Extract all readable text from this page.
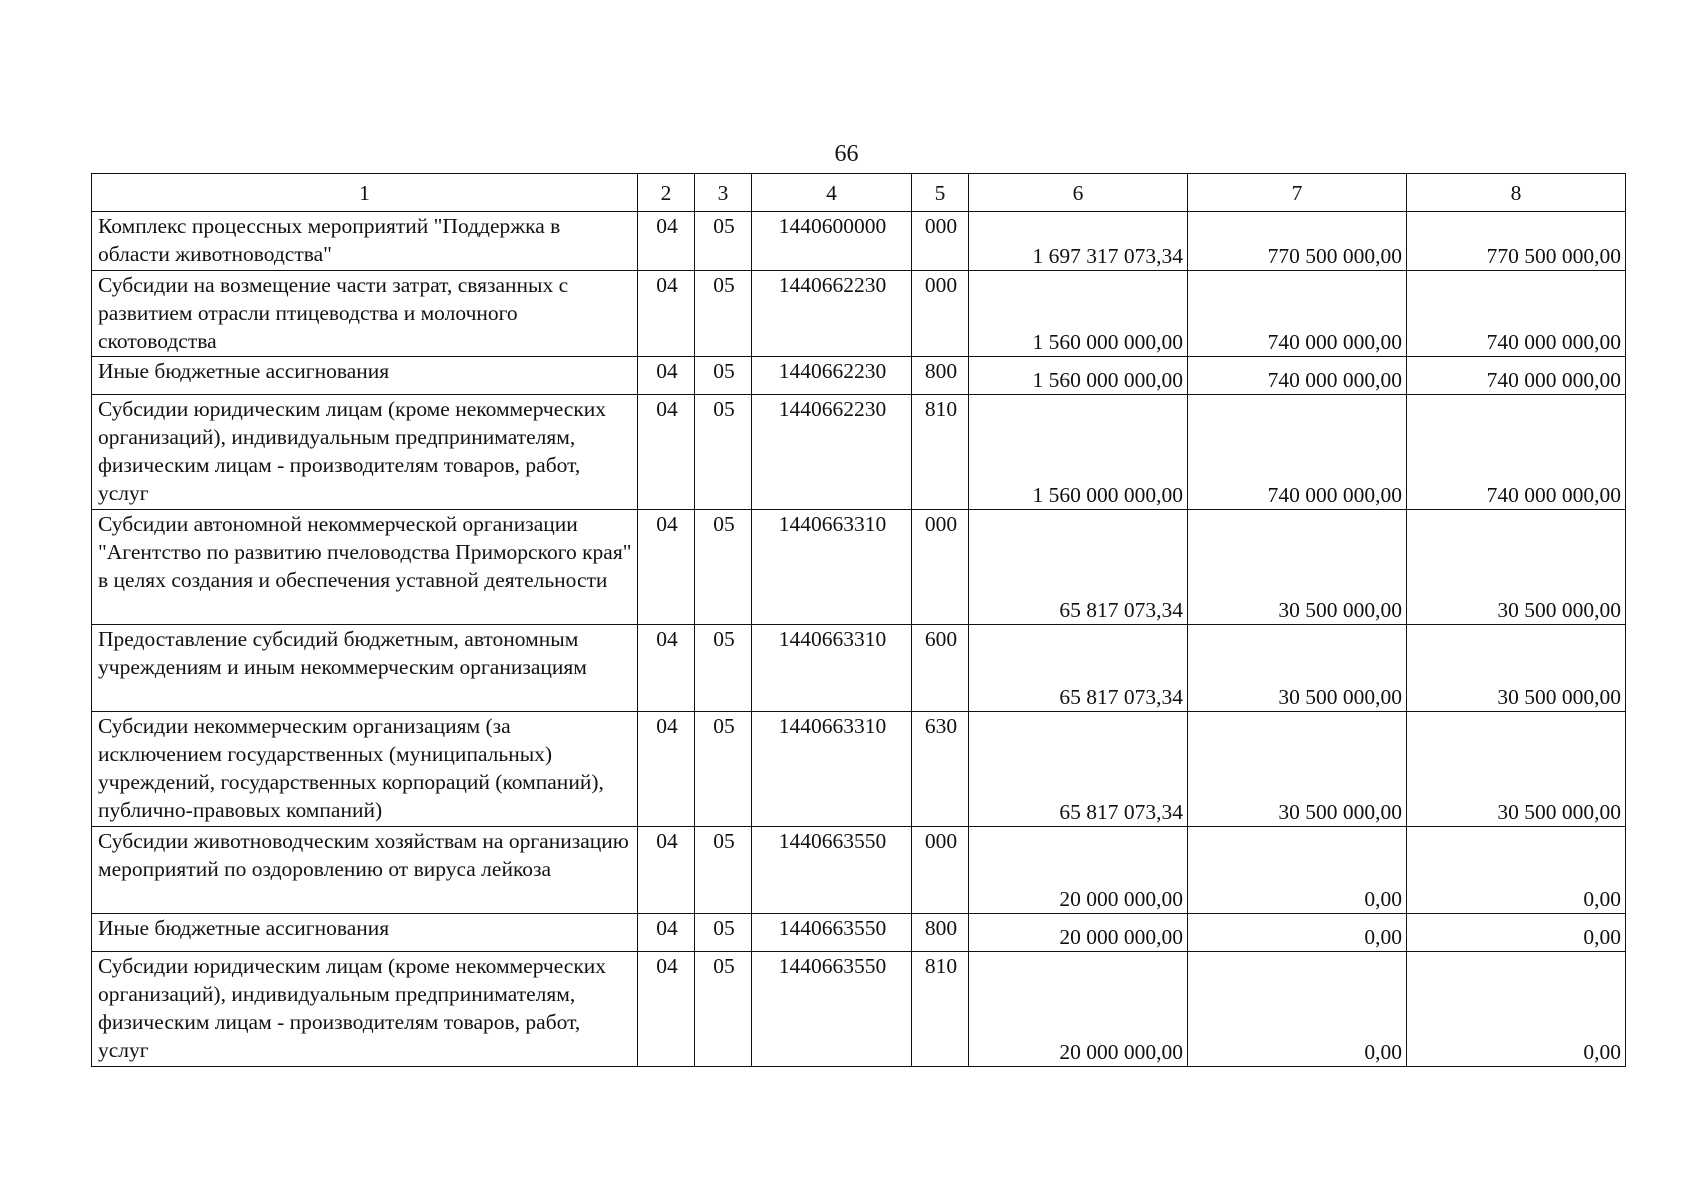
66
1	2	3	4	5	6	7	8
Комплекс процессных мероприятий "Поддержка в области животноводства"	04	05	1440600000	000	1 697 317 073,34	770 500 000,00	770 500 000,00
Субсидии на возмещение части затрат, связанных с развитием отрасли птицеводства и молочного скотоводства	04	05	1440662230	000	1 560 000 000,00	740 000 000,00	740 000 000,00
Иные бюджетные ассигнования	04	05	1440662230	800	1 560 000 000,00	740 000 000,00	740 000 000,00
Субсидии юридическим лицам (кроме некоммерческих организаций), индивидуальным предпринимателям, физическим лицам - производителям товаров, работ, услуг	04	05	1440662230	810	1 560 000 000,00	740 000 000,00	740 000 000,00
Субсидии автономной некоммерческой организации "Агентство по развитию пчеловодства Приморского края" в целях создания и обеспечения уставной деятельности	04	05	1440663310	000	65 817 073,34	30 500 000,00	30 500 000,00
Предоставление субсидий бюджетным, автономным учреждениям и иным некоммерческим организациям	04	05	1440663310	600	65 817 073,34	30 500 000,00	30 500 000,00
Субсидии некоммерческим организациям (за исключением государственных (муниципальных) учреждений, государственных корпораций (компаний), публично-правовых компаний)	04	05	1440663310	630	65 817 073,34	30 500 000,00	30 500 000,00
Субсидии животноводческим хозяйствам на организацию мероприятий по оздоровлению от вируса лейкоза	04	05	1440663550	000	20 000 000,00	0,00	0,00
Иные бюджетные ассигнования	04	05	1440663550	800	20 000 000,00	0,00	0,00
Субсидии юридическим лицам (кроме некоммерческих организаций), индивидуальным предпринимателям, физическим лицам - производителям товаров, работ, услуг	04	05	1440663550	810	20 000 000,00	0,00	0,00
